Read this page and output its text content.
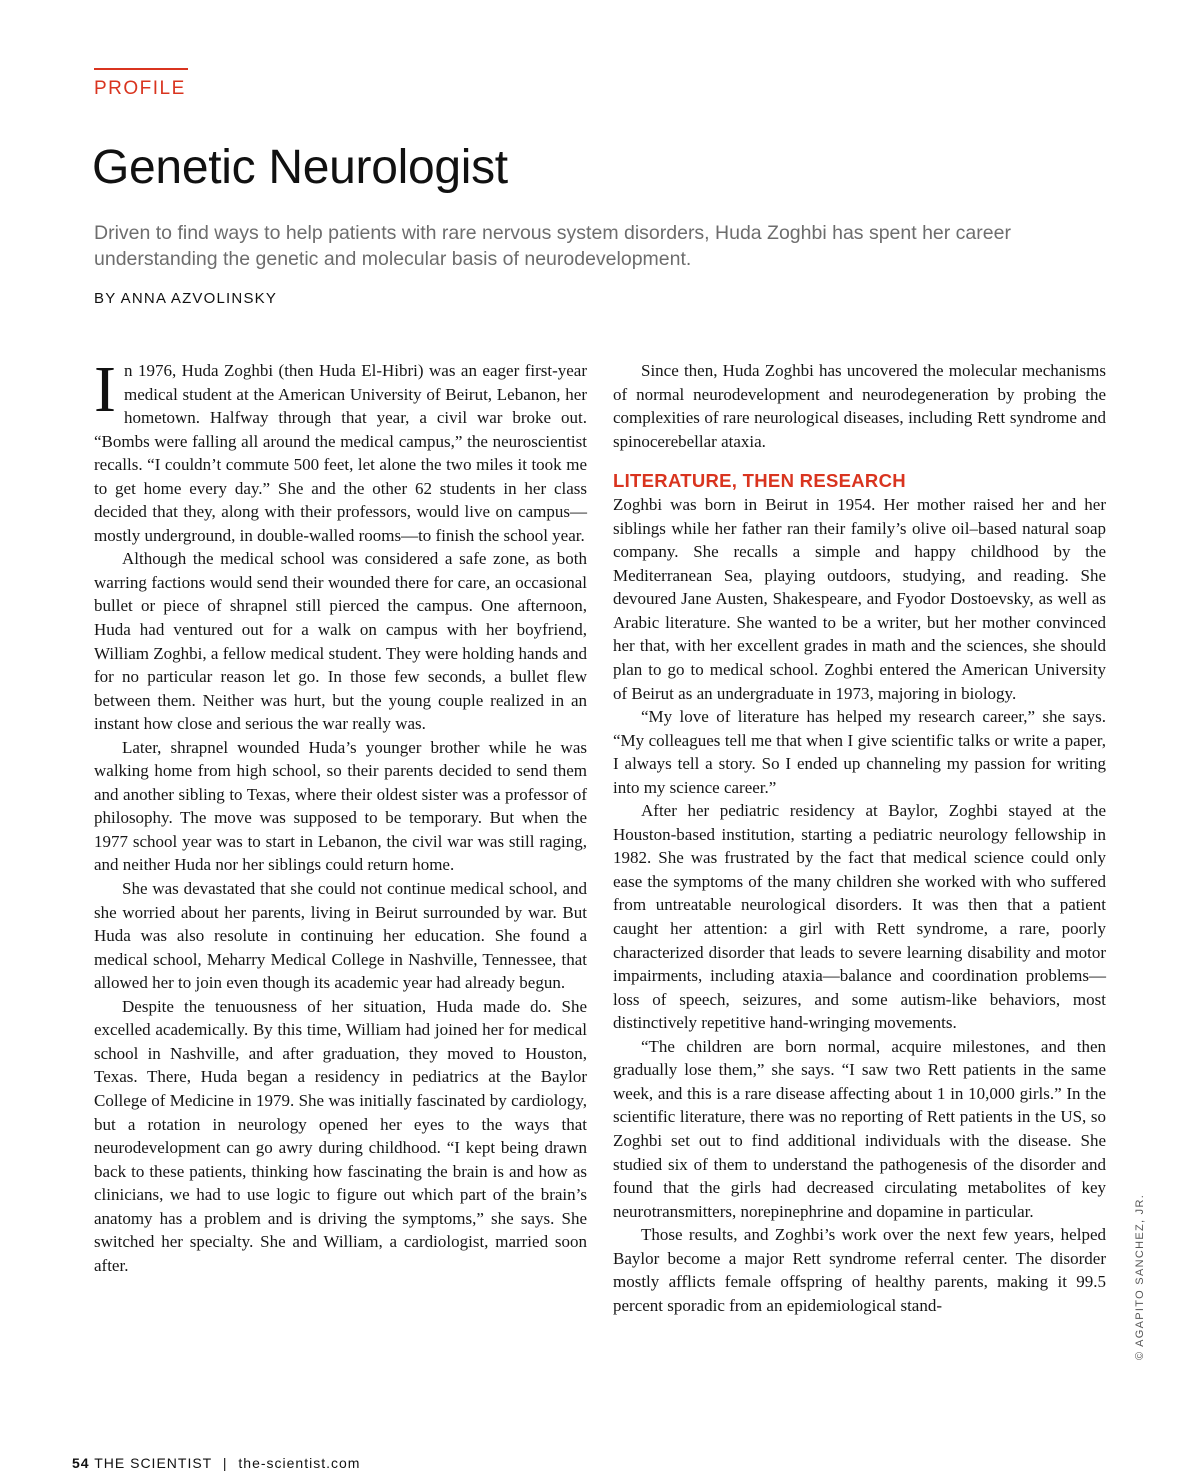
PROFILE
Genetic Neurologist

Driven to find ways to help patients with rare nervous system disorders, Huda Zoghbi has spent her career understanding the genetic and molecular basis of neurodevelopment.

BY ANNA AZVOLINSKY

In 1976, Huda Zoghbi (then Huda El-Hibri) was an eager first-year medical student at the American University of Beirut, Lebanon, her hometown. Halfway through that year, a civil war broke out. “Bombs were falling all around the medical campus,” the neuroscientist recalls. “I couldn’t commute 500 feet, let alone the two miles it took me to get home every day.” She and the other 62 students in her class decided that they, along with their professors, would live on campus—mostly underground, in double-walled rooms—to finish the school year.

Although the medical school was considered a safe zone, as both warring factions would send their wounded there for care, an occasional bullet or piece of shrapnel still pierced the campus. One afternoon, Huda had ventured out for a walk on campus with her boyfriend, William Zoghbi, a fellow medical student. They were holding hands and for no particular reason let go. In those few seconds, a bullet flew between them. Neither was hurt, but the young couple realized in an instant how close and serious the war really was.

Later, shrapnel wounded Huda’s younger brother while he was walking home from high school, so their parents decided to send them and another sibling to Texas, where their oldest sister was a professor of philosophy. The move was supposed to be temporary. But when the 1977 school year was to start in Lebanon, the civil war was still raging, and neither Huda nor her siblings could return home.

She was devastated that she could not continue medical school, and she worried about her parents, living in Beirut surrounded by war. But Huda was also resolute in continuing her education. She found a medical school, Meharry Medical College in Nashville, Tennessee, that allowed her to join even though its academic year had already begun.

Despite the tenuousness of her situation, Huda made do. She excelled academically. By this time, William had joined her for medical school in Nashville, and after graduation, they moved to Houston, Texas. There, Huda began a residency in pediatrics at the Baylor College of Medicine in 1979. She was initially fascinated by cardiology, but a rotation in neurology opened her eyes to the ways that neurodevelopment can go awry during childhood. “I kept being drawn back to these patients, thinking how fascinating the brain is and how as clinicians, we had to use logic to figure out which part of the brain’s anatomy has a problem and is driving the symptoms,” she says. She switched her specialty. She and William, a cardiologist, married soon after.

Since then, Huda Zoghbi has uncovered the molecular mechanisms of normal neurodevelopment and neurodegeneration by probing the complexities of rare neurological diseases, including Rett syndrome and spinocerebellar ataxia.

LITERATURE, THEN RESEARCH

Zoghbi was born in Beirut in 1954. Her mother raised her and her siblings while her father ran their family’s olive oil–based natural soap company. She recalls a simple and happy childhood by the Mediterranean Sea, playing outdoors, studying, and reading. She devoured Jane Austen, Shakespeare, and Fyodor Dostoevsky, as well as Arabic literature. She wanted to be a writer, but her mother convinced her that, with her excellent grades in math and the sciences, she should plan to go to medical school. Zoghbi entered the American University of Beirut as an undergraduate in 1973, majoring in biology.

“My love of literature has helped my research career,” she says. “My colleagues tell me that when I give scientific talks or write a paper, I always tell a story. So I ended up channeling my passion for writing into my science career.”

After her pediatric residency at Baylor, Zoghbi stayed at the Houston-based institution, starting a pediatric neurology fellowship in 1982. She was frustrated by the fact that medical science could only ease the symptoms of the many children she worked with who suffered from untreatable neurological disorders. It was then that a patient caught her attention: a girl with Rett syndrome, a rare, poorly characterized disorder that leads to severe learning disability and motor impairments, including ataxia—balance and coordination problems—loss of speech, seizures, and some autism-like behaviors, most distinctively repetitive hand-wringing movements.

“The children are born normal, acquire milestones, and then gradually lose them,” she says. “I saw two Rett patients in the same week, and this is a rare disease affecting about 1 in 10,000 girls.” In the scientific literature, there was no reporting of Rett patients in the US, so Zoghbi set out to find additional individuals with the disease. She studied six of them to understand the pathogenesis of the disorder and found that the girls had decreased circulating metabolites of key neurotransmitters, norepinephrine and dopamine in particular.

Those results, and Zoghbi’s work over the next few years, helped Baylor become a major Rett syndrome referral center. The disorder mostly afflicts female offspring of healthy parents, making it 99.5 percent sporadic from an epidemiological stand-	© AGAPITO SANCHEZ, JR.
54 THE SCIENTIST | the-scientist.com
